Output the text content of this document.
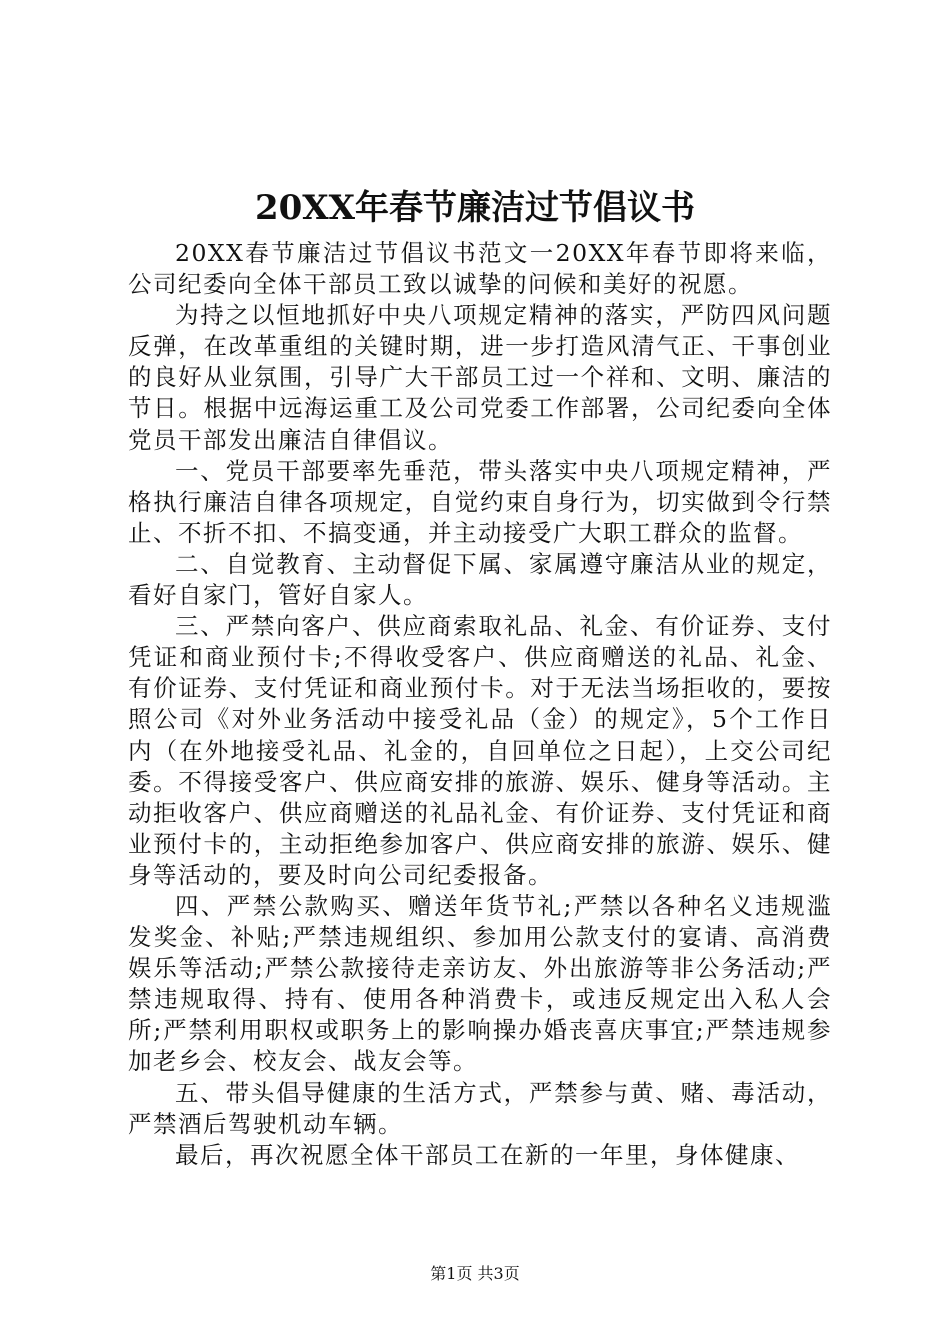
20XX年春节廉洁过节倡议书

20XX春节廉洁过节倡议书范文一20XX年春节即将来临，公司纪委向全体干部员工致以诚挚的问候和美好的祝愿。

为持之以恒地抓好中央八项规定精神的落实，严防四风问题反弹，在改革重组的关键时期，进一步打造风清气正、干事创业的良好从业氛围，引导广大干部员工过一个祥和、文明、廉洁的节日。根据中远海运重工及公司党委工作部署，公司纪委向全体党员干部发出廉洁自律倡议。

一、党员干部要率先垂范，带头落实中央八项规定精神，严格执行廉洁自律各项规定，自觉约束自身行为，切实做到令行禁止、不折不扣、不搞变通，并主动接受广大职工群众的监督。

二、自觉教育、主动督促下属、家属遵守廉洁从业的规定，看好自家门，管好自家人。

三、严禁向客户、供应商索取礼品、礼金、有价证券、支付凭证和商业预付卡;不得收受客户、供应商赠送的礼品、礼金、有价证券、支付凭证和商业预付卡。对于无法当场拒收的，要按照公司《对外业务活动中接受礼品（金）的规定》，5个工作日内（在外地接受礼品、礼金的，自回单位之日起），上交公司纪委。不得接受客户、供应商安排的旅游、娱乐、健身等活动。主动拒收客户、供应商赠送的礼品礼金、有价证券、支付凭证和商业预付卡的，主动拒绝参加客户、供应商安排的旅游、娱乐、健身等活动的，要及时向公司纪委报备。

四、严禁公款购买、赠送年货节礼;严禁以各种名义违规滥发奖金、补贴;严禁违规组织、参加用公款支付的宴请、高消费娱乐等活动;严禁公款接待走亲访友、外出旅游等非公务活动;严禁违规取得、持有、使用各种消费卡，或违反规定出入私人会所;严禁利用职权或职务上的影响操办婚丧喜庆事宜;严禁违规参加老乡会、校友会、战友会等。

五、带头倡导健康的生活方式，严禁参与黄、赌、毒活动，严禁酒后驾驶机动车辆。

最后，再次祝愿全体干部员工在新的一年里，身体健康、

第1页 共3页
